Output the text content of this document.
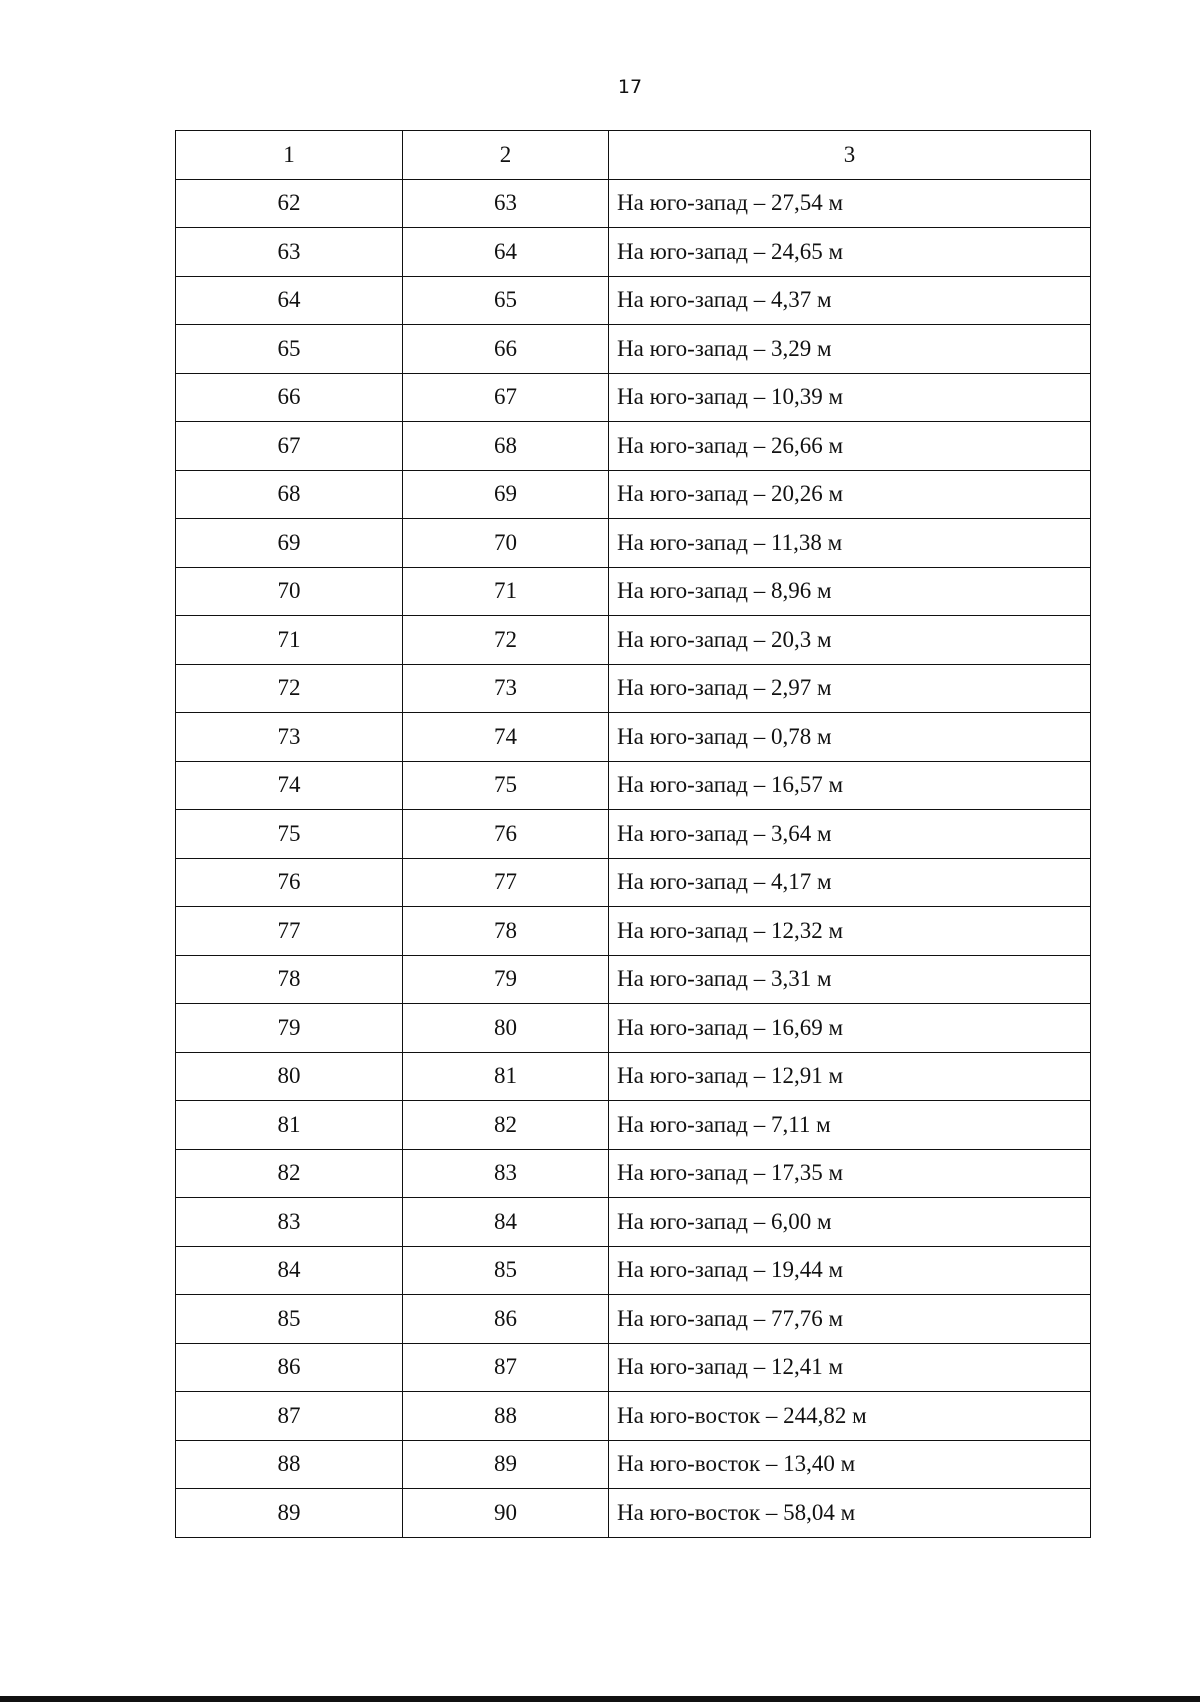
17
1	2	3
62	63	На юго-запад – 27,54 м
63	64	На юго-запад – 24,65 м
64	65	На юго-запад – 4,37 м
65	66	На юго-запад – 3,29 м
66	67	На юго-запад – 10,39 м
67	68	На юго-запад – 26,66 м
68	69	На юго-запад – 20,26 м
69	70	На юго-запад – 11,38 м
70	71	На юго-запад – 8,96 м
71	72	На юго-запад – 20,3 м
72	73	На юго-запад – 2,97 м
73	74	На юго-запад – 0,78 м
74	75	На юго-запад – 16,57 м
75	76	На юго-запад – 3,64 м
76	77	На юго-запад – 4,17 м
77	78	На юго-запад – 12,32 м
78	79	На юго-запад – 3,31 м
79	80	На юго-запад – 16,69 м
80	81	На юго-запад – 12,91 м
81	82	На юго-запад – 7,11 м
82	83	На юго-запад – 17,35 м
83	84	На юго-запад – 6,00 м
84	85	На юго-запад – 19,44 м
85	86	На юго-запад – 77,76 м
86	87	На юго-запад – 12,41 м
87	88	На юго-восток – 244,82 м
88	89	На юго-восток – 13,40 м
89	90	На юго-восток – 58,04 м
